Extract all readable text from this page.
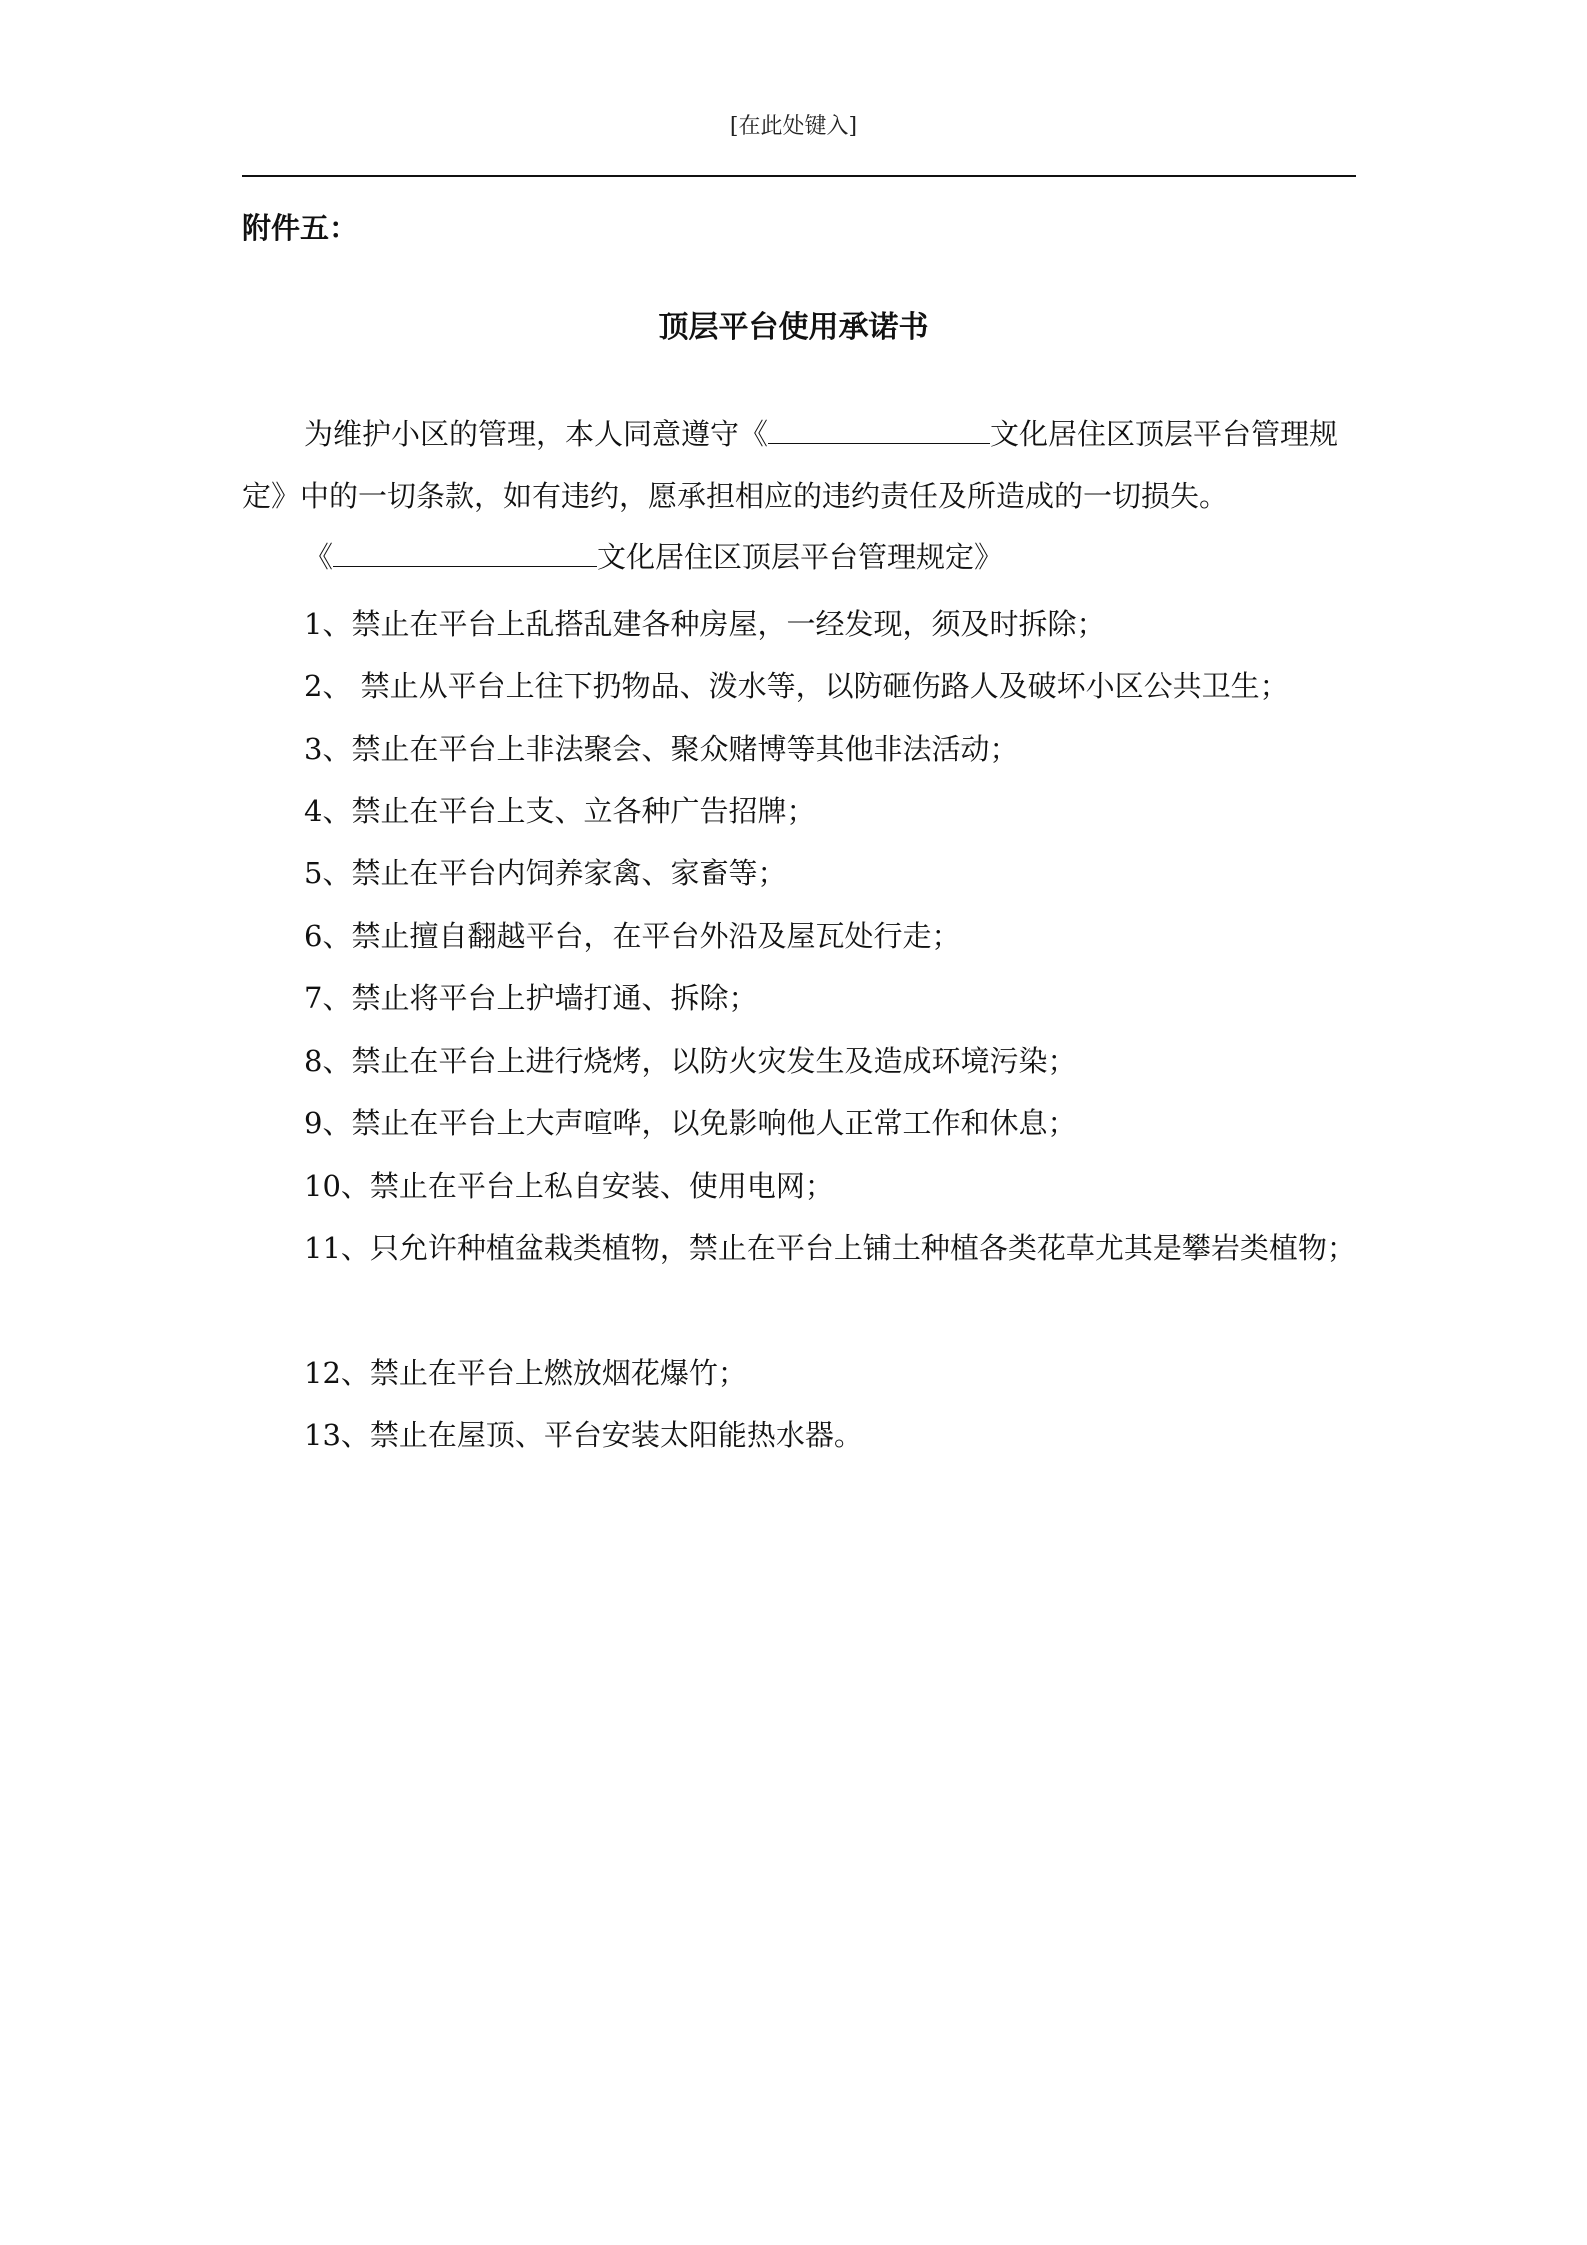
[在此处键入]
附件五：
顶层平台使用承诺书
为维护小区的管理，本人同意遵守《	文化居住区顶层平台管理规定》中的一切条款，如有违约，愿承担相应的违约责任及所造成的一切损失。
《	文化居住区顶层平台管理规定》
1、禁止在平台上乱搭乱建各种房屋，一经发现，须及时拆除；
2、 禁止从平台上往下扔物品、泼水等，以防砸伤路人及破坏小区公共卫生；
3、禁止在平台上非法聚会、聚众赌博等其他非法活动；
4、禁止在平台上支、立各种广告招牌；
5、禁止在平台内饲养家禽、家畜等；
6、禁止擅自翻越平台，在平台外沿及屋瓦处行走；
7、禁止将平台上护墙打通、拆除；
8、禁止在平台上进行烧烤，以防火灾发生及造成环境污染；
9、禁止在平台上大声喧哗，以免影响他人正常工作和休息；
10、禁止在平台上私自安装、使用电网；
11、只允许种植盆栽类植物，禁止在平台上铺土种植各类花草尤其是攀岩类植物；
12、禁止在平台上燃放烟花爆竹；
13、禁止在屋顶、平台安装太阳能热水器。
